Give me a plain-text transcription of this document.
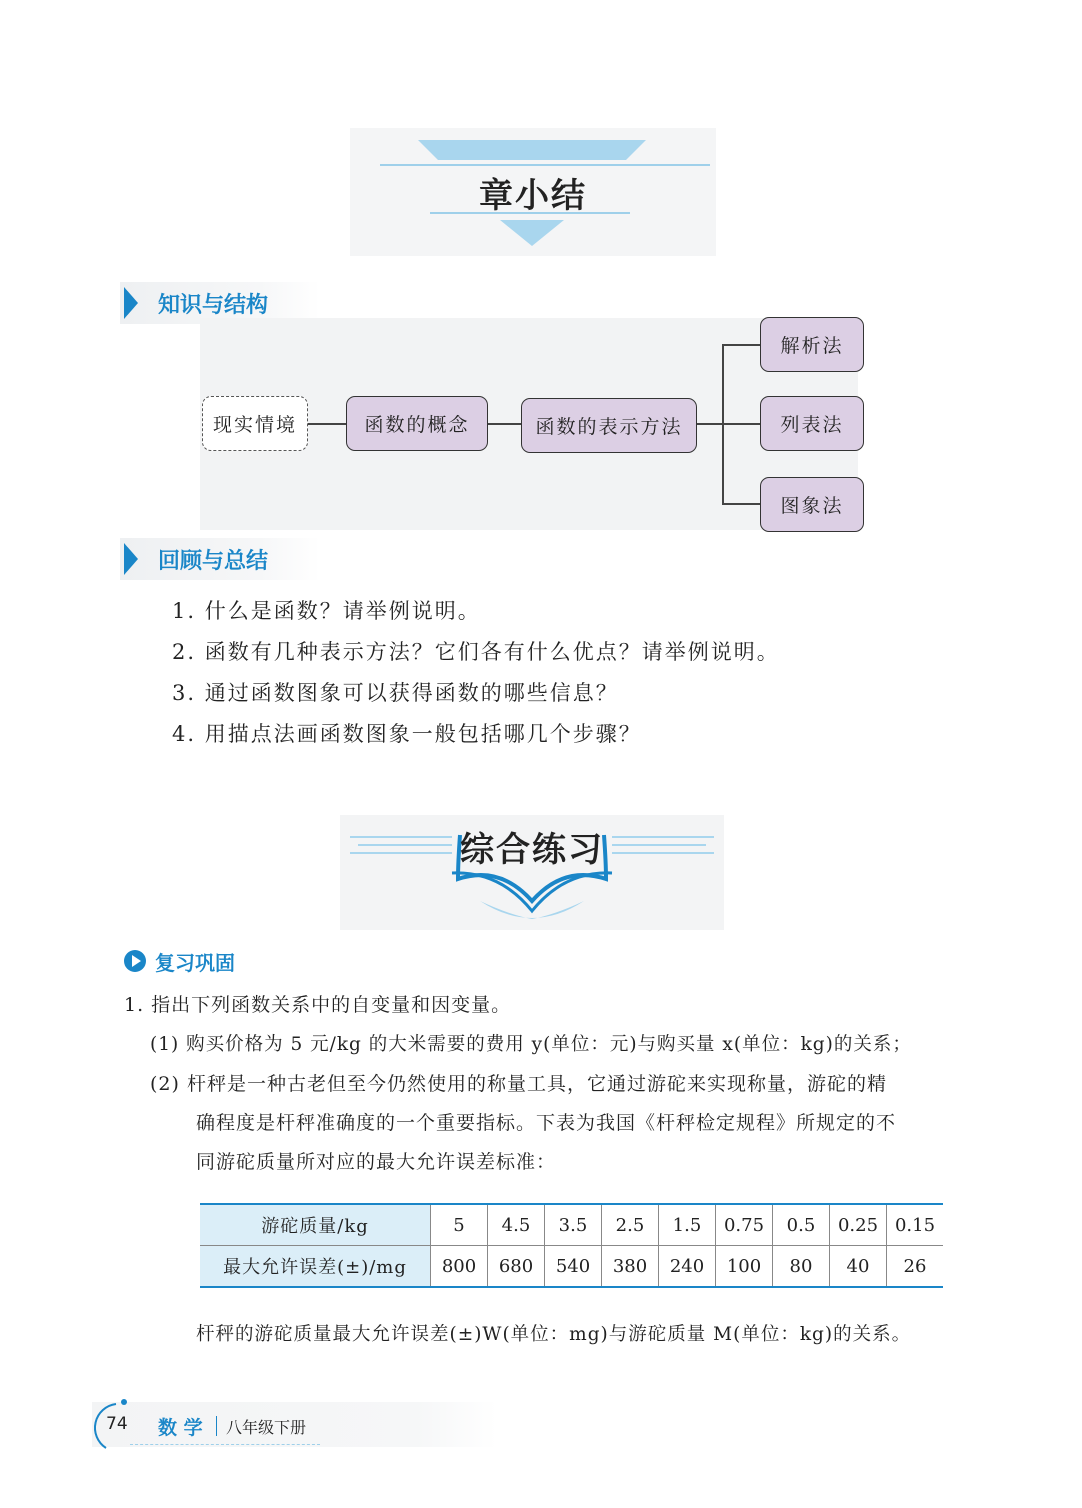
章小结
知识与结构
现实情境	函数的概念	函数的表示方法
解析法
列表法
图象法
回顾与总结
1. 什么是函数？请举例说明。
2. 函数有几种表示方法？它们各有什么优点？请举例说明。
3. 通过函数图象可以获得函数的哪些信息？
4. 用描点法画函数图象一般包括哪几个步骤？
综合练习
复习巩固
1. 指出下列函数关系中的自变量和因变量。
(1) 购买价格为 5 元/kg 的大米需要的费用 y(单位：元)与购买量 x(单位：kg)的关系；
(2) 杆秤是一种古老但至今仍然使用的称量工具，它通过游砣来实现称量，游砣的精
确程度是杆秤准确度的一个重要指标。下表为我国《杆秤检定规程》所规定的不
同游砣质量所对应的最大允许误差标准：
游砣质量/kg	5	4.5	3.5	2.5	1.5	0.75	0.5	0.25	0.15
最大允许误差(±)/mg	800	680	540	380	240	100	80	40	26
杆秤的游砣质量最大允许误差(±)W(单位：mg)与游砣质量 M(单位：kg)的关系。
74 数 学 八年级下册
